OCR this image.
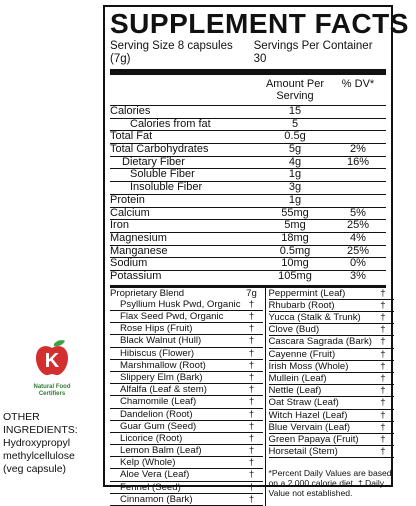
SUPPLEMENT FACTS
Serving Size 8 capsules (7g)
Servings Per Container 30
Amount Per Serving
% DV*
Calories	15
Calories from fat	5
Total Fat	0.5g
Total Carbohydrates	5g	2%
Dietary Fiber	4g	16%
Soluble Fiber	1g
Insoluble Fiber	3g
Protein	1g
Calcium	55mg	5%
Iron	5mg	25%
Magnesium	18mg	4%
Manganese	0.5mg	25%
Sodium	10mg	0%
Potassium	105mg	3%
Proprietary Blend	7g
Psyllium Husk Pwd, Organic †
Flax Seed Pwd, Organic	†
Rose Hips (Fruit)	†
Black Walnut (Hull)	†
Hibiscus (Flower)	†
Marshmallow (Root)	†
Slippery Elm (Bark)	†
Alfalfa (Leaf & stem)	†
Chamomile (Leaf)	†
Dandelion (Root)	†
Guar Gum (Seed)	†
Licorice (Root)	†
Lemon Balm (Leaf)	†
Kelp (Whole)	†
Aloe Vera (Leaf)	†
Fennel (Seed)	†
Cinnamon (Bark)	†
Peppermint (Leaf)	†
Rhubarb (Root)	†
Yucca (Stalk & Trunk)	†
Clove (Bud)	†
Cascara Sagrada (Bark) †
Cayenne (Fruit)	†
Irish Moss (Whole)	†
Mullein (Leaf)	†
Nettle (Leaf)	†
Oat Straw (Leaf)	†
Witch Hazel (Leaf)	†
Blue Vervain (Leaf)	†
Green Papaya (Fruit)	†
Horsetail (Stem)	†
*Percent Daily Values are based on a 2,000 calorie diet. † Daily Value not established.
K
Natural Food
Certifiers
OTHER
INGREDIENTS:
Hydroxypropyl
methylcellulose
(veg capsule)
